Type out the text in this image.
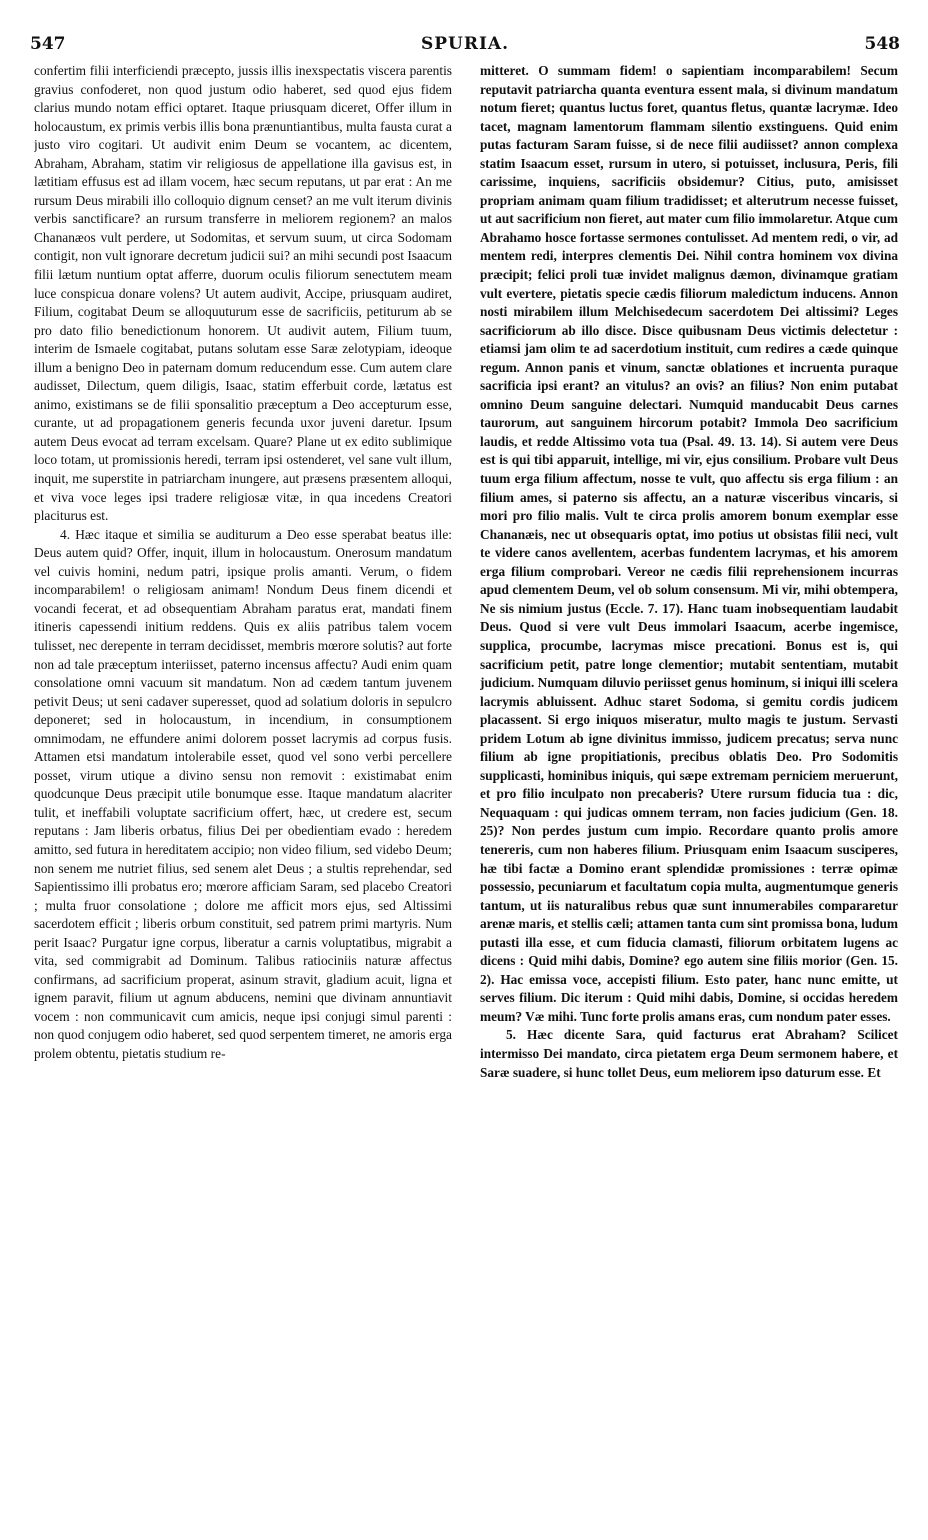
SPURIA.
547	548

confertim filii interficiendi præcepto, jussis illis inexspectatis viscera parentis gravius confoderet, non quod justum odio haberet, sed quod ejus fidem clarius mundo notam effici optaret. Itaque priusquam diceret, Offer illum in holocaustum, ex primis verbis illis bona prænuntiantibus, multa fausta curat a justo viro cogitari. Ut audivit enim Deum se vocantem, ac dicentem, Abraham, Abraham, statim vir religiosus de appellatione illa gavisus est, in lætitiam effusus est ad illam vocem, hæc secum reputans, ut par erat : An me rursum Deus mirabili illo colloquio dignum censet? an me vult iterum divinis verbis sanctificare? an rursum transferre in meliorem regionem? an malos Chananæos vult perdere, ut Sodomitas, et servum suum, ut circa Sodomam contigit, non vult ignorare decretum judicii sui? an mihi secundi post Isaacum filii lætum nuntium optat afferre, duorum oculis filiorum senectutem meam luce conspicua donare volens? Ut autem audivit, Accipe, priusquam audiret, Filium, cogitabat Deum se alloquuturum esse de sacrificiis, petiturum ab se pro dato filio benedictionum honorem. Ut audivit autem, Filium tuum, interim de Ismaele cogitabat, putans solutam esse Saræ zelotypiam, ideoque illum a benigno Deo in paternam domum reducendum esse. Cum autem clare audisset, Dilectum, quem diligis, Isaac, statim efferbuit corde, lætatus est animo, existimans se de filii sponsalitio præceptum a Deo accepturum esse, curante, ut ad propagationem generis fecunda uxor juveni daretur. Ipsum autem Deus evocat ad terram excelsam. Quare? Plane ut ex edito sublimique loco totam, ut promissionis heredi, terram ipsi ostenderet, vel sane vult illum, inquit, me superstite in patriarcham inungere, aut præsens præsentem alloqui, et viva voce leges ipsi tradere religiosæ vitæ, in qua incedens Creatori placiturus est.

4. Hæc itaque et similia se auditurum a Deo esse sperabat beatus ille: Deus autem quid? Offer, inquit, illum in holocaustum. Onerosum mandatum vel cuivis homini, nedum patri, ipsique prolis amanti. Verum, o fidem incomparabilem! o religiosam animam! Nondum Deus finem dicendi et vocandi fecerat, et ad obsequentiam Abraham paratus erat, mandati finem itineris capessendi initium reddens. Quis ex aliis patribus talem vocem tulisset, nec derepente in terram decidisset, membris mœrore solutis? aut forte non ad tale præceptum interiisset, paterno incensus affectu? Audi enim quam consolatione omni vacuum sit mandatum. Non ad cædem tantum juvenem petivit Deus; ut seni cadaver superesset, quod ad solatium doloris in sepulcro deponeret; sed in holocaustum, in incendium, in consumptionem omnimodam, ne effundere animi dolorem posset lacrymis ad corpus fusis. Attamen etsi mandatum intolerabile esset, quod vel sono verbi percellere posset, virum utique a divino sensu non removit : existimabat enim quodcunque Deus præcipit utile bonumque esse. Itaque mandatum alacriter tulit, et ineffabili voluptate sacrificium offert, hæc, ut credere est, secum reputans : Jam liberis orbatus, filius Dei per obedientiam evado : heredem amitto, sed futura in hereditatem accipio; non video filium, sed videbo Deum; non senem me nutriet filius, sed senem alet Deus ; a stultis reprehendar, sed Sapientissimo illi probatus ero; mœrore afficiam Saram, sed placebo Creatori ; multa fruor consolatione ; dolore me afficit mors ejus, sed Altissimi sacerdotem efficit ; liberis orbum constituit, sed patrem primi martyris. Num perit Isaac? Purgatur igne corpus, liberatur a carnis voluptatibus, migrabit a vita, sed commigrabit ad Dominum. Talibus ratiociniis naturæ affectus confirmans, ad sacrificium properat, asinum stravit, gladium acuit, ligna et ignem paravit, filium ut agnum abducens, nemini que divinam annuntiavit vocem : non communicavit cum amicis, neque ipsi conjugi simul parenti : non quod conjugem odio haberet, sed quod serpentem timeret, ne amoris erga prolem obtentu, pietatis studium re-

mitteret. O summam fidem! o sapientiam incomparabilem! Secum reputavit patriarcha quanta eventura essent mala, si divinum mandatum notum fieret; quantus luctus foret, quantus fletus, quantæ lacrymæ. Ideo tacet, magnam lamentorum flammam silentio exstinguens. Quid enim putas facturam Saram fuisse, si de nece filii audiisset? annon complexa statim Isaacum esset, rursum in utero, si potuisset, inclusura, Peris, fili carissime, inquiens, sacrificiis obsidemur? Citius, puto, amisisset propriam animam quam filium tradidisset; et alterutrum necesse fuisset, ut aut sacrificium non fieret, aut mater cum filio immolaretur. Atque cum Abrahamo hosce fortasse sermones contulisset. Ad mentem redi, o vir, ad mentem redi, interpres clementis Dei. Nihil contra hominem vox divina præcipit; felici proli tuæ invidet malignus dæmon, divinamque gratiam vult evertere, pietatis specie cædis filiorum maledictum inducens. Annon nosti mirabilem illum Melchisedecum sacerdotem Dei altissimi? Leges sacrificiorum ab illo disce. Disce quibusnam Deus victimis delectetur : etiamsi jam olim te ad sacerdotium instituit, cum redires a cæde quinque regum. Annon panis et vinum, sanctæ oblationes et incruenta puraque sacrificia ipsi erant? an vitulus? an ovis? an filius? Non enim putabat omnino Deum sanguine delectari. Numquid manducabit Deus carnes taurorum, aut sanguinem hircorum potabit? Immola Deo sacrificium laudis, et redde Altissimo vota tua (Psal. 49. 13. 14). Si autem vere Deus est is qui tibi apparuit, intellige, mi vir, ejus consilium. Probare vult Deus tuum erga filium affectum, nosse te vult, quo affectu sis erga filium : an filium ames, si paterno sis affectu, an a naturæ visceribus vincaris, si mori pro filio malis. Vult te circa prolis amorem bonum exemplar esse Chananæis, nec ut obsequaris optat, imo potius ut obsistas filii neci, vult te videre canos avellentem, acerbas fundentem lacrymas, et his amorem erga filium comprobari. Vereor ne cædis filii reprehensionem incurras apud clementem Deum, vel ob solum consensum. Mi vir, mihi obtempera, Ne sis nimium justus (Eccle. 7. 17). Hanc tuam inobsequentiam laudabit Deus. Quod si vere vult Deus immolari Isaacum, acerbe ingemisce, supplica, procumbe, lacrymas misce precationi. Bonus est is, qui sacrificium petit, patre longe clementior; mutabit sententiam, mutabit judicium. Numquam diluvio periisset genus hominum, si iniqui illi scelera lacrymis abluissent. Adhuc staret Sodoma, si gemitu cordis judicem placassent. Si ergo iniquos miseratur, multo magis te justum. Servasti pridem Lotum ab igne divinitus immisso, judicem precatus; serva nunc filium ab igne propitiationis, precibus oblatis Deo. Pro Sodomitis supplicasti, hominibus iniquis, qui sæpe extremam perniciem meruerunt, et pro filio inculpato non precaberis? Utere rursum fiducia tua : dic, Nequaquam : qui judicas omnem terram, non facies judicium (Gen. 18. 25)? Non perdes justum cum impio. Recordare quanto prolis amore tenereris, cum non haberes filium. Priusquam enim Isaacum susciperes, hæ tibi factæ a Domino erant splendidæ promissiones : terræ opimæ possessio, pecuniarum et facultatum copia multa, augmentumque generis tantum, ut iis naturalibus rebus quæ sunt innumerabiles compararetur arenæ maris, et stellis cæli; attamen tanta cum sint promissa bona, ludum putasti illa esse, et cum fiducia clamasti, filiorum orbitatem lugens ac dicens : Quid mihi dabis, Domine? ego autem sine filiis morior (Gen. 15. 2). Hac emissa voce, accepisti filium. Esto pater, hanc nunc emitte, ut serves filium. Dic iterum : Quid mihi dabis, Domine, si occidas heredem meum? Væ mihi. Tunc forte prolis amans eras, cum nondum pater esses.

5. Hæc dicente Sara, quid facturus erat Abraham? Scilicet intermisso Dei mandato, circa pietatem erga Deum sermonem habere, et Saræ suadere, si hunc tollet Deus, eum meliorem ipso daturum esse. Et
